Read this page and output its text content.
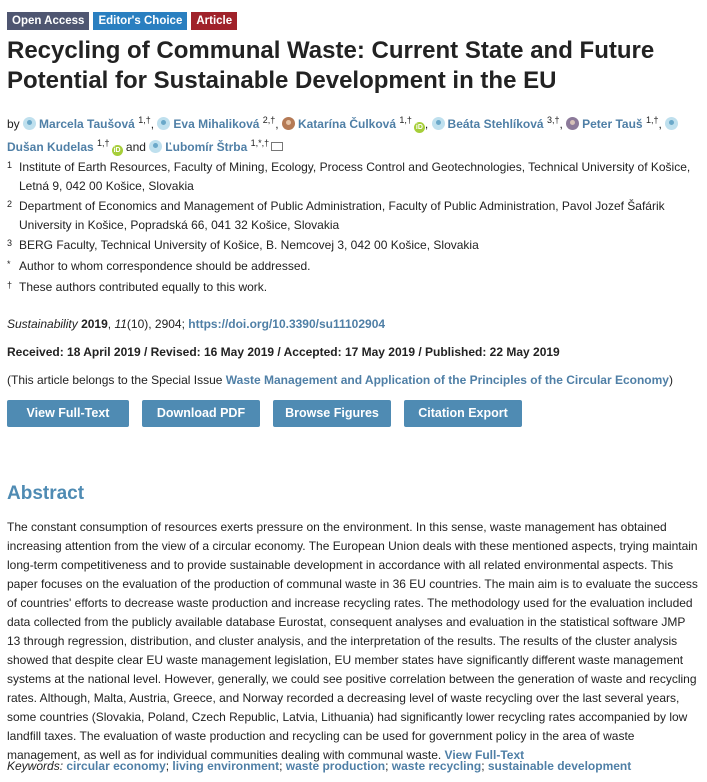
Open Access	Editor's Choice	Article
Recycling of Communal Waste: Current State and Future Potential for Sustainable Development in the EU
by Marcela Taušová $^{1,\dagger}$, Eva Mihaliková $^{2,\dagger}$, Katarína Čulková $^{1,\dagger}$iD , Beáta Stehlíková $^{3,\dagger}$, Peter Tauš $^{1,\dagger}$, Dušan Kudelas $^{1,\dagger}$iD and Ľubomír Štrba $^{1,*,\dagger}$
1 Institute of Earth Resources, Faculty of Mining, Ecology, Process Control and Geotechnologies, Technical University of Košice, Letná 9, 042 00 Košice, Slovakia
2 Department of Economics and Management of Public Administration, Faculty of Public Administration, Pavol Jozef Šafárik University in Košice, Popradská 66, 041 32 Košice, Slovakia
3 BERG Faculty, Technical University of Košice, B. Nemcovej 3, 042 00 Košice, Slovakia
* Author to whom correspondence should be addressed.
† These authors contributed equally to this work.
Sustainability 2019, 11(10), 2904; https://doi.org/10.3390/su11102904
Received: 18 April 2019 / Revised: 16 May 2019 / Accepted: 17 May 2019 / Published: 22 May 2019
(This article belongs to the Special Issue Waste Management and Application of the Principles of the Circular Economy)
View Full-Text	Download PDF	Browse Figures	Citation Export
Abstract

The constant consumption of resources exerts pressure on the environment. In this sense, waste management has obtained increasing attention from the view of a circular economy. The European Union deals with these mentioned aspects, trying maintain long-term competitiveness and to provide sustainable development in accordance with all related environmental aspects. This paper focuses on the evaluation of the production of communal waste in 36 EU countries. The main aim is to evaluate the success of countries' efforts to decrease waste production and increase recycling rates. The methodology used for the evaluation included data collected from the publicly available database Eurostat, consequent analyses and evaluation in the statistical software JMP 13 through regression, distribution, and cluster analysis, and the interpretation of the results. The results of the cluster analysis showed that despite clear EU waste management legislation, EU member states have significantly different waste management systems at the national level. However, generally, we could see positive correlation between the generation of waste and recycling rates. Although, Malta, Austria, Greece, and Norway recorded a decreasing level of waste recycling over the last several years, some countries (Slovakia, Poland, Czech Republic, Latvia, Lithuania) had significantly lower recycling rates accompanied by low landfill taxes. The evaluation of waste production and recycling can be used for government policy in the area of waste management, as well as for individual communities dealing with communal waste. View Full-Text

Keywords: circular economy; living environment; waste production; waste recycling; sustainable development
